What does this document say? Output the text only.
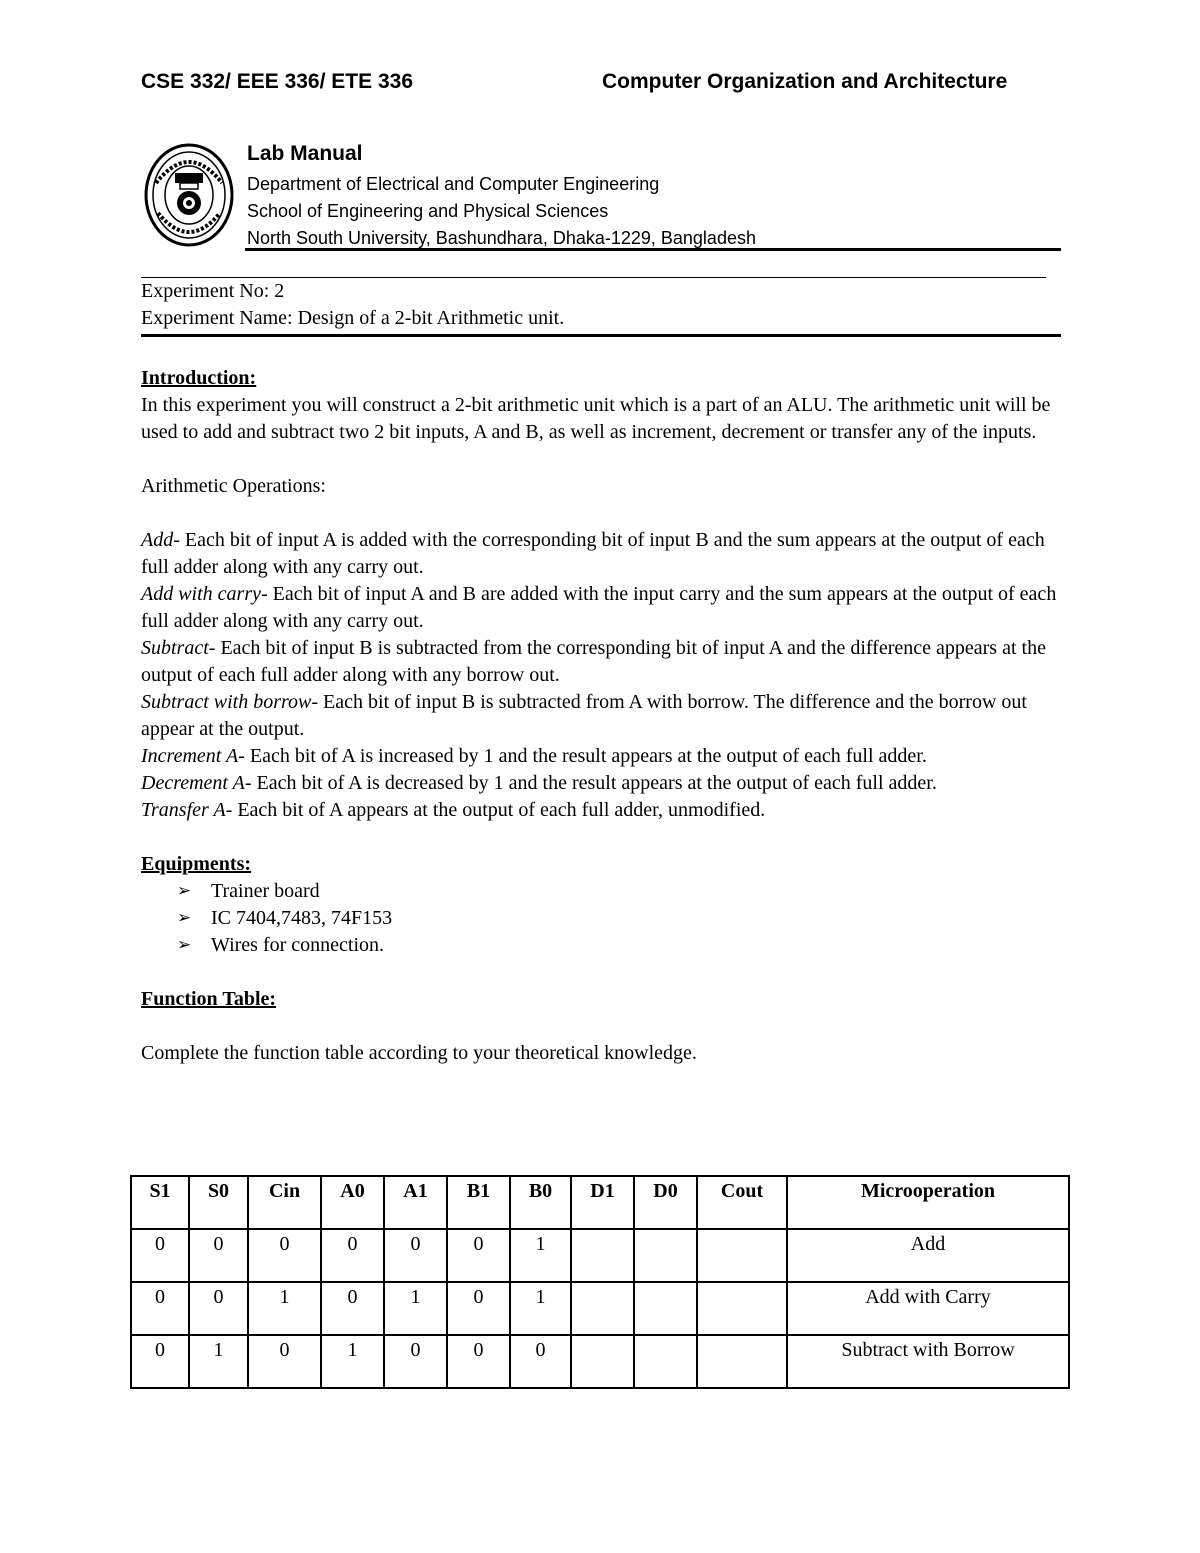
CSE 332/ EEE 336/ ETE 336	Computer Organization and Architecture
Lab Manual
Department of Electrical and Computer Engineering
School of Engineering and Physical Sciences
North South University, Bashundhara, Dhaka-1229, Bangladesh
Experiment No: 2
Experiment Name: Design of a 2-bit Arithmetic unit.

Introduction:

In this experiment you will construct a 2-bit arithmetic unit which is a part of an ALU. The arithmetic unit will be used to add and subtract two 2 bit inputs, A and B, as well as increment, decrement or transfer any of the inputs.

Arithmetic Operations:

Add- Each bit of input A is added with the corresponding bit of input B and the sum appears at the output of each full adder along with any carry out.

Add with carry- Each bit of input A and B are added with the input carry and the sum appears at the output of each full adder along with any carry out.

Subtract- Each bit of input B is subtracted from the corresponding bit of input A and the difference appears at the output of each full adder along with any borrow out.

Subtract with borrow- Each bit of input B is subtracted from A with borrow. The difference and the borrow out appear at the output.

Increment A- Each bit of A is increased by 1 and the result appears at the output of each full adder.

Decrement A- Each bit of A is decreased by 1 and the result appears at the output of each full adder.

Transfer A- Each bit of A appears at the output of each full adder, unmodified.

Equipments:

➢ Trainer board
➢ IC 7404,7483, 74F153
➢ Wires for connection.

Function Table:

Complete the function table according to your theoretical knowledge.

S1	S0	Cin	A0	A1	B1	B0	D1	D0	Cout	Microoperation
0	0	0	0	0	0	1				Add
0	0	1	0	1	0	1				Add with Carry
0	1	0	1	0	0	0				Subtract with Borrow
